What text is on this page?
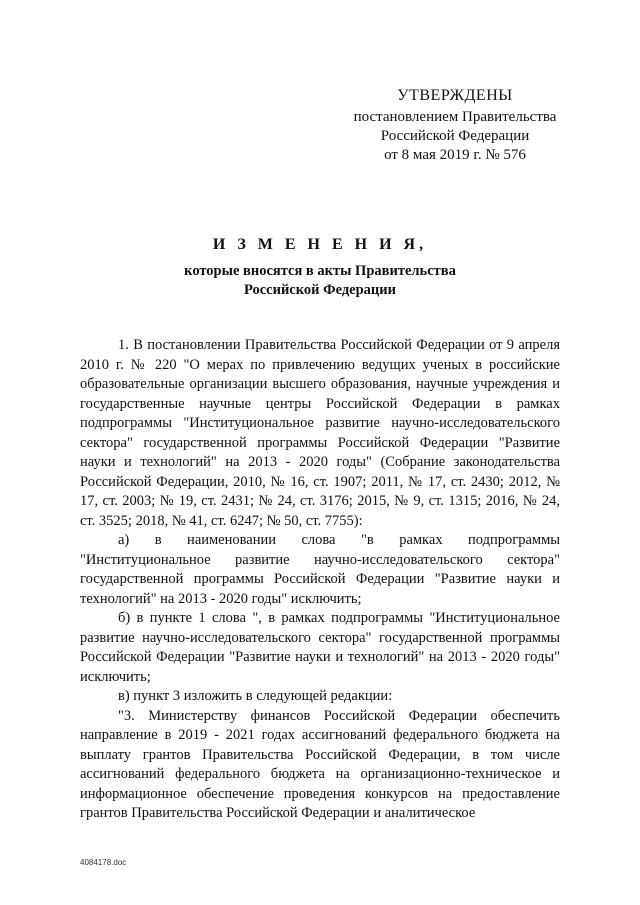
УТВЕРЖДЕНЫ
постановлением Правительства
Российской Федерации
от 8 мая 2019 г. № 576
И З М Е Н Е Н И Я,
которые вносятся в акты Правительства
Российской Федерации

1. В постановлении Правительства Российской Федерации от 9 апреля 2010 г. № 220 "О мерах по привлечению ведущих ученых в российские образовательные организации высшего образования, научные учреждения и государственные научные центры Российской Федерации в рамках подпрограммы "Институциональное развитие научно-исследовательского сектора" государственной программы Российской Федерации "Развитие науки и технологий" на 2013 - 2020 годы" (Собрание законодательства Российской Федерации, 2010, № 16, ст. 1907; 2011, № 17, ст. 2430; 2012, № 17, ст. 2003; № 19, ст. 2431; № 24, ст. 3176; 2015, № 9, ст. 1315; 2016, № 24, ст. 3525; 2018, № 41, ст. 6247; № 50, ст. 7755):

а) в наименовании слова "в рамках подпрограммы "Институциональное развитие научно-исследовательского сектора" государственной программы Российской Федерации "Развитие науки и технологий" на 2013 - 2020 годы" исключить;

б) в пункте 1 слова ", в рамках подпрограммы "Институциональное развитие научно-исследовательского сектора" государственной программы Российской Федерации "Развитие науки и технологий" на 2013 - 2020 годы" исключить;

в) пункт 3 изложить в следующей редакции:

"3. Министерству финансов Российской Федерации обеспечить направление в 2019 - 2021 годах ассигнований федерального бюджета на выплату грантов Правительства Российской Федерации, в том числе ассигнований федерального бюджета на организационно-техническое и информационное обеспечение проведения конкурсов на предоставление грантов Правительства Российской Федерации и аналитическое

4084178.doc
